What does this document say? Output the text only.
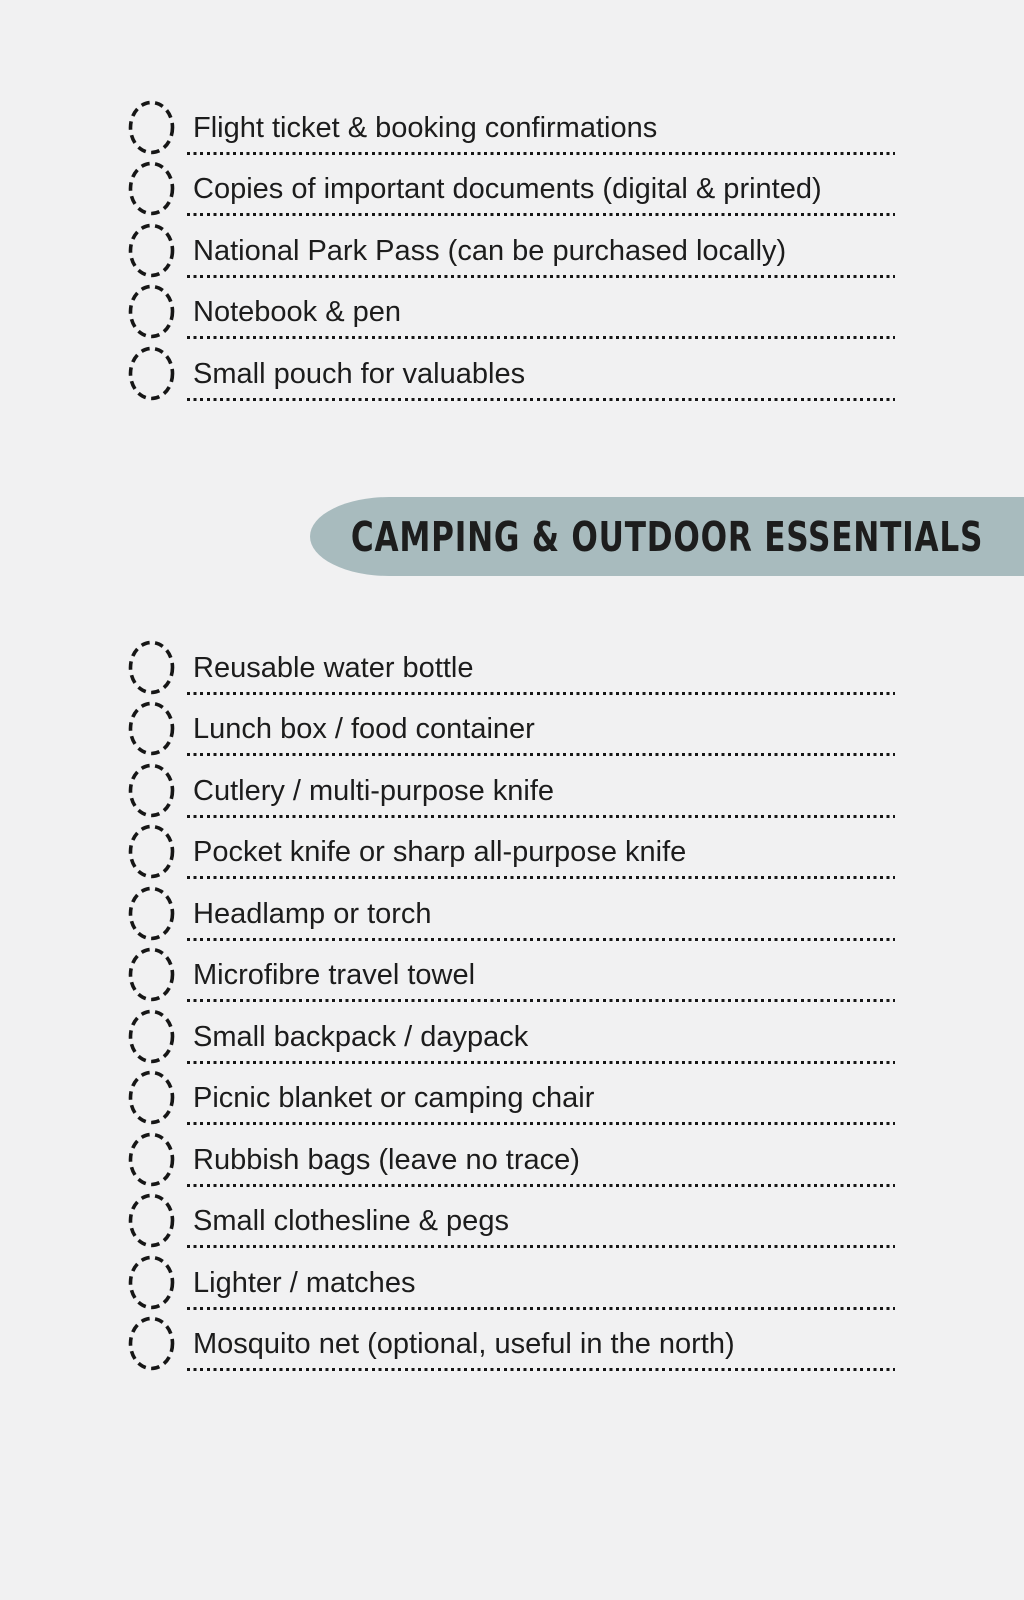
Flight ticket & booking confirmations
Copies of important documents (digital & printed)
National Park Pass (can be purchased locally)
Notebook & pen
Small pouch for valuables
CAMPING & OUTDOOR ESSENTIALS
Reusable water bottle
Lunch box / food container
Cutlery / multi-purpose knife
Pocket knife or sharp all-purpose knife
Headlamp or torch
Microfibre travel towel
Small backpack / daypack
Picnic blanket or camping chair
Rubbish bags (leave no trace)
Small clothesline & pegs
Lighter / matches
Mosquito net (optional, useful in the north)
